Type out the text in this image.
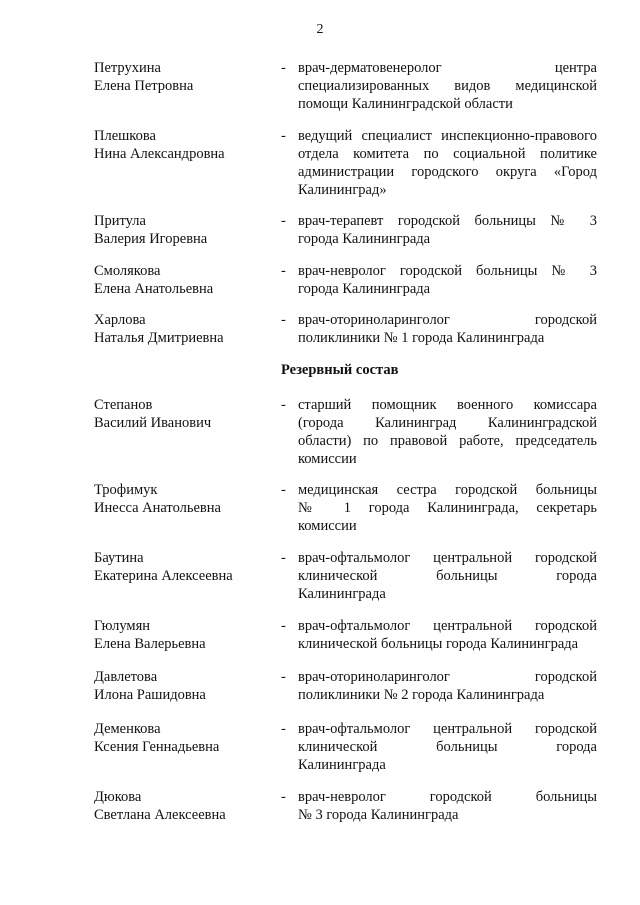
2
Резервный состав
Петрухина
Елена Петровна
- врач-дерматовенеролог центра
специализированных видов медицинской
помощи Калининградской области
Плешкова
Нина Александровна
- ведущий специалист инспекционно-правового
отдела комитета по социальной политике
администрации городского округа «Город
Калининград»
Притула
Валерия Игоревна
- врач-терапевт городской больницы № 3
города Калининграда
Смолякова
Елена Анатольевна
- врач-невролог городской больницы № 3
города Калининграда
Харлова
Наталья Дмитриевна
- врач-оториноларинголог городской
поликлиники № 1 города Калининграда
Степанов
Василий Иванович
- старший помощник военного комиссара
(города Калининград Калининградской
области) по правовой работе, председатель
комиссии
Трофимук
Инесса Анатольевна
- медицинская сестра городской больницы
№ 1 города Калининграда, секретарь
комиссии
Баутина
Екатерина Алексеевна
- врач-офтальмолог центральной городской
клинической больницы города
Калининграда
Гюлумян
Елена Валерьевна
- врач-офтальмолог центральной городской
клинической больницы города Калининграда
Давлетова
Илона Рашидовна
- врач-оториноларинголог городской
поликлиники № 2 города Калининграда
Деменкова
Ксения Геннадьевна
- врач-офтальмолог центральной городской
клинической больницы города
Калининграда
Дюкова
Светлана Алексеевна
- врач-невролог городской больницы
№ 3 города Калининграда
